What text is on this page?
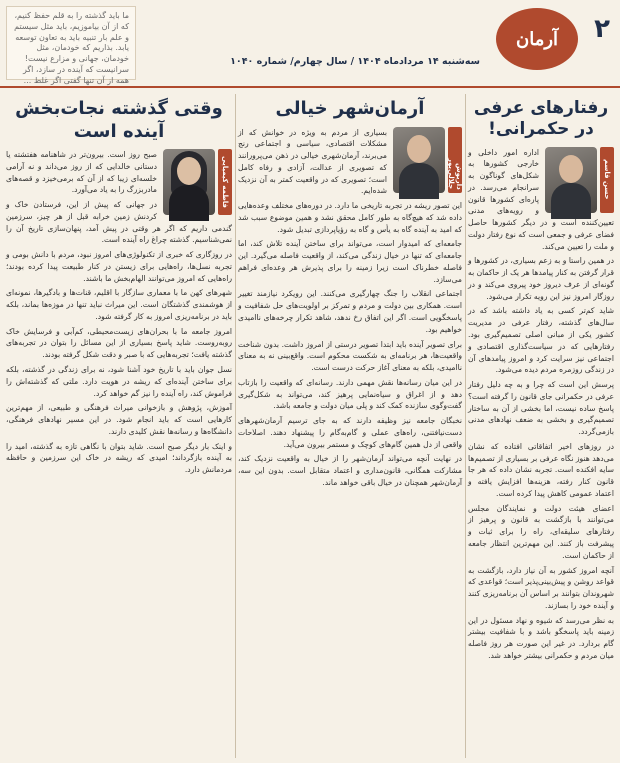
۲
آرمان
سه‌شنبه ۱۴ مرداد‌ماه ۱۴۰۴ / سال چهارم/ شماره ۱۰۴۰
ما باید گذشته را به قلم حفظ کنیم، که از آن بیاموزیم، باید مثل سیستم و علم بار تنبیه باید به تعاون توسعه یابد. بذاریم که خودمان، مثل خودمان، جهانی و مزارع نیست! سرانیست که آینده در سازد، اگر همه از آن تنها گفتی اگر غلط ...
رفتارهای عرفی در حکمرانی!
حسن قاسم

اداره امور داخلی و خارجی کشورها به شکل‌های گوناگون به سرانجام می‌رسد. در پاره‌ای کشورها قانون و رویه‌های مدنی تعیین‌کننده است و در دیگر کشورها حاصل فضای عرفی و جمعی است که نوع رفتار دولت و ملت را تعیین می‌کند.

در همین راستا و به زعم بسیاری، در کشورها و قرار گرفتن به کنار پیامدها هر یک از حاکمان به گونه‌ای از عرف دیروز خود پیروی می‌کند و در روزگار امروز نیز این رویه تکرار می‌شود.

شاید کم‌تر کسی به یاد داشته باشد که در سال‌های گذشته، رفتار عرفی در مدیریت کشور یکی از مبانی اصلی تصمیم‌گیری بود. رفتارهایی که در سیاست‌گذاری اقتصادی و اجتماعی نیز سرایت کرد و امروز پیامدهای آن در زندگی روزمره مردم دیده می‌شود.

پرسش این است که چرا و به چه دلیل رفتار عرفی در حکمرانی جای قانون را گرفته است؟ پاسخ ساده نیست، اما بخشی از آن به ساختار تصمیم‌گیری و بخشی به ضعف نهادهای مدنی بازمی‌گردد.

در روزهای اخیر اتفاقاتی افتاده که نشان می‌دهد هنوز نگاه عرفی بر بسیاری از تصمیم‌ها سایه افکنده است. تجربه نشان داده که هر جا قانون کنار رفته، هزینه‌ها افزایش یافته و اعتماد عمومی کاهش پیدا کرده است.

اعضای هیئت دولت و نمایندگان مجلس می‌توانند با بازگشت به قانون و پرهیز از رفتارهای سلیقه‌ای، راه را برای ثبات و پیشرفت باز کنند. این مهم‌ترین انتظار جامعه از حاکمان است.

آنچه امروز کشور به آن نیاز دارد، بازگشت به قواعد روشن و پیش‌بینی‌پذیر است؛ قواعدی که شهروندان بتوانند بر اساس آن برنامه‌ریزی کنند و آینده خود را بسازند.

به نظر می‌رسد که شیوه و نهاد مسئول در این زمینه باید پاسخگو باشد و با شفافیت بیشتر گام بردارد. در غیر این صورت هر روز فاصله میان مردم و حکمرانی بیشتر خواهد شد.

آرمان‌شهر خیالی
داریوش جلالی‌پور

بسیاری از مردم به ویژه در خوانش که از مشکلات اقتصادی، سیاسی و اجتماعی رنج می‌برند، آرمان‌شهری خیالی در ذهن می‌پرورانند که تصویری از عدالت، آزادی و رفاه کامل است؛ تصویری که در واقعیت کمتر به آن نزدیک شده‌ایم.

این تصور ریشه در تجربه تاریخی ما دارد. در دوره‌های مختلف وعده‌هایی داده شد که هیچ‌گاه به طور کامل محقق نشد و همین موضوع سبب شد که امید به آینده گاه به یأس و گاه به رؤیاپردازی تبدیل شود.

جامعه‌ای که امیدوار است، می‌تواند برای ساختن آینده تلاش کند، اما جامعه‌ای که تنها در خیال زندگی می‌کند، از واقعیت فاصله می‌گیرد. این فاصله خطرناک است زیرا زمینه را برای پذیرش هر وعده‌ای فراهم می‌سازد.

اجتماعی انقلاب را جنگ چهارگیری می‌کنند. این رویکرد نیازمند تغییر است. همکاری بین دولت و مردم و تمرکز بر اولویت‌های حل شفافیت و پاسخگویی است. اگر این اتفاق رخ ندهد، شاهد تکرار چرخه‌های ناامیدی خواهیم بود.

برای تصویر آینده باید ابتدا تصویر درستی از امروز داشت. بدون شناخت واقعیت‌ها، هر برنامه‌ای به شکست محکوم است. واقع‌بینی نه به معنای ناامیدی، بلکه به معنای آغاز حرکت درست است.

در این میان رسانه‌ها نقش مهمی دارند. رسانه‌ای که واقعیت را بازتاب دهد و از اغراق و سیاه‌نمایی پرهیز کند، می‌تواند به شکل‌گیری گفت‌وگوی سازنده کمک کند و پلی میان دولت و جامعه باشد.

نخبگان جامعه نیز وظیفه دارند که به جای ترسیم آرمان‌شهرهای دست‌نیافتنی، راه‌های عملی و گام‌به‌گام را پیشنهاد دهند. اصلاحات واقعی از دل همین گام‌های کوچک و مستمر بیرون می‌آید.

در نهایت آنچه می‌تواند آرمان‌شهر را از خیال به واقعیت نزدیک کند، مشارکت همگانی، قانون‌مداری و اعتماد متقابل است. بدون این سه، آرمان‌شهر همچنان در خیال باقی خواهد ماند.

وقتی گذشته نجات‌بخش آینده است
فاطمه کیمیایی

صبح روز است. بیرون‌تر در شاهنامه هفتشته یا دستانی خالدایی که از روز می‌داند و نه آرامی خلسه‌ای زیبا که از آن که برمی‌خیزد و قصه‌های مادربزرگ را به یاد می‌آورد.

در جهانی که پیش از این، فرستادن خاک و کردنش زمین خرابه قبل از هر چیز، سرزمین گندمی داریم که اگر هر وقتی در پیش آمد، پنهان‌سازی تاریخ آن را نمی‌شناسیم. گذشته چراغ راه آینده است.

در روزگاری که خبری از تکنولوژی‌های امروز نبود، مردم با دانش بومی و تجربه نسل‌ها، راه‌هایی برای زیستن در کنار طبیعت پیدا کرده بودند؛ راه‌هایی که امروز می‌توانند الهام‌بخش ما باشند.

شهرهای کهن ما با معماری سازگار با اقلیم، قنات‌ها و بادگیرها، نمونه‌ای از هوشمندی گذشتگان است. این میراث نباید تنها در موزه‌ها بماند، بلکه باید در برنامه‌ریزی امروز به کار گرفته شود.

امروز جامعه ما با بحران‌های زیست‌محیطی، کم‌آبی و فرسایش خاک روبه‌روست. شاید پاسخ بسیاری از این مسائل را بتوان در تجربه‌های گذشته یافت؛ تجربه‌هایی که با صبر و دقت شکل گرفته بودند.

نسل جوان باید با تاریخ خود آشنا شود، نه برای زندگی در گذشته، بلکه برای ساختن آینده‌ای که ریشه در هویت دارد. ملتی که گذشته‌اش را فراموش کند، راه آینده را نیز گم خواهد کرد.

آموزش، پژوهش و بازخوانی میراث فرهنگی و طبیعی، از مهم‌ترین کارهایی است که باید انجام شود. در این مسیر نهادهای فرهنگی، دانشگاه‌ها و رسانه‌ها نقش کلیدی دارند.

و اینک بار دیگر صبح است. شاید بتوان با نگاهی تازه به گذشته، امید را به آینده بازگرداند؛ امیدی که ریشه در خاک این سرزمین و حافظه مردمانش دارد.
